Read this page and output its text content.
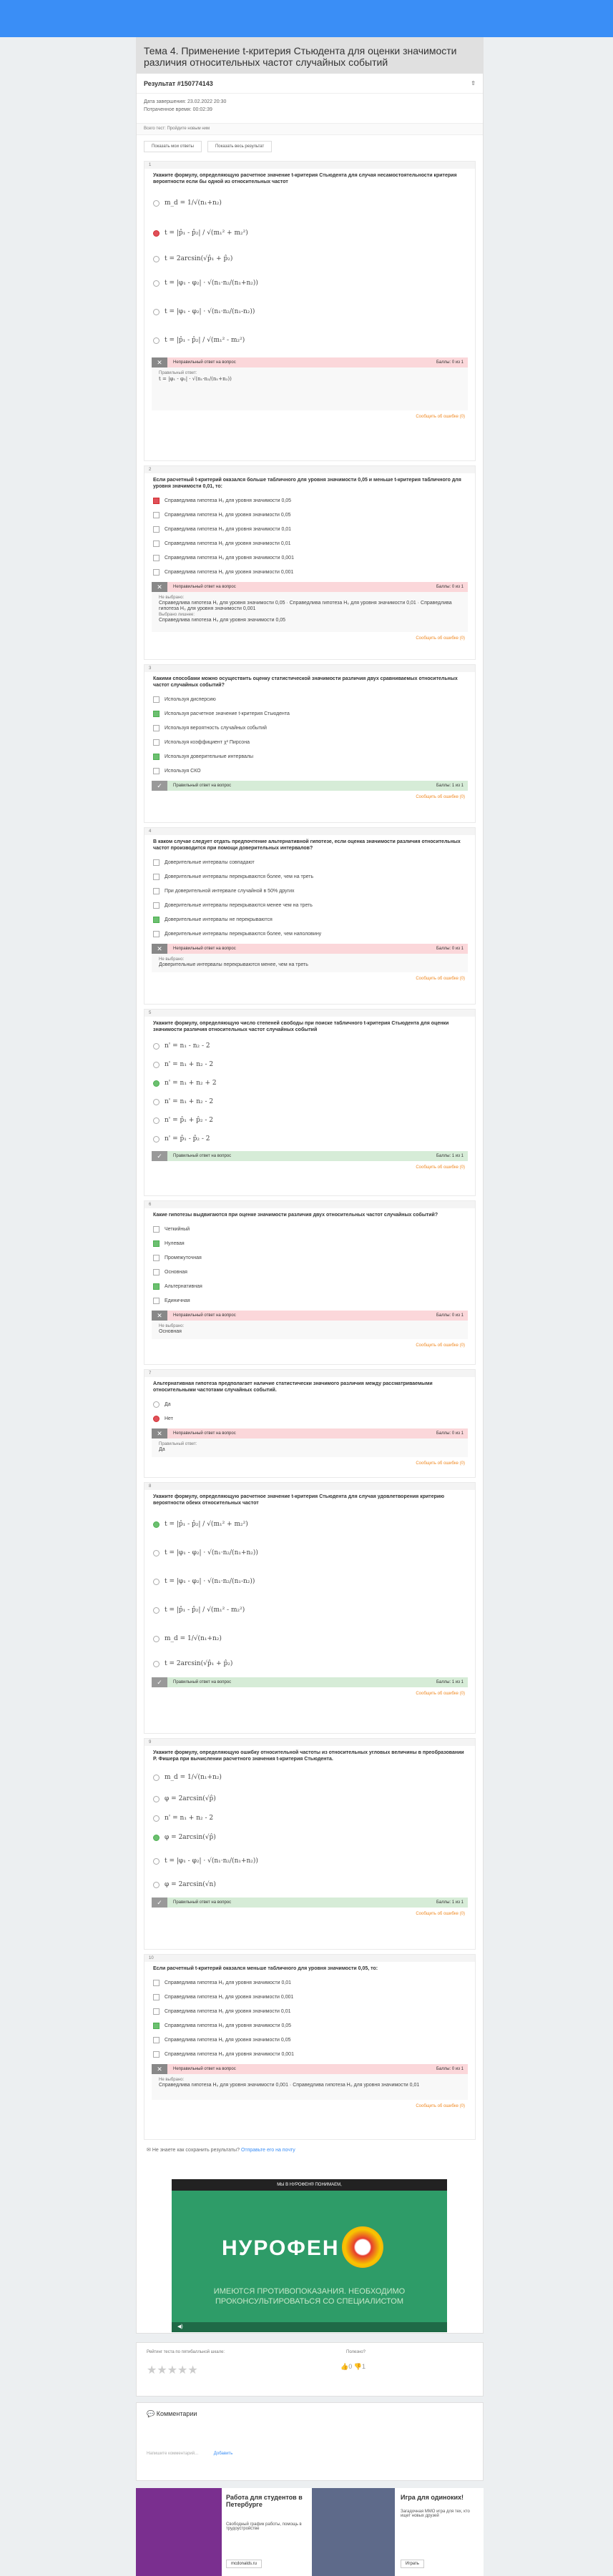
Тема 4. Применение t-критерия Стьюдента для оценки значимости различия относительных частот случайных событий
Результат #150774143	⇧
Дата завершения: 23.02.2022 20:30
Потраченное время: 00:02:39
Всего тест: Пройдите новым ним
Показать мои ответы	Показать весь результат
1
Укажите формулу, определяющую расчетное значение t-критерия Стьюдента для случая несамостоятельности критерия вероятности если бы одной из относительных частот
m_d = 1/√(n₁+n₂)
t = |p̂₁ - p̂₂| / √(m₁² + m₂²)
t = 2arcsin(√p̂₁ + p̂₂)
t = |φ₁ - φ₂| · √(n₁·n₂/(n₁+n₂))
t = |φ₁ - φ₂| · √(n₁·n₂/(n₁-n₂))
t = |p̂₁ - p̂₂| / √(m₁² - m₂²)
✕	Неправильный ответ на вопрос	Баллы: 0 из 1
Правильный ответ:
t = |φ₁ - φ₂| · √(n₁·n₂/(n₁+n₂))
Сообщить об ошибке (0)
2
Если расчетный t-критерий оказался больше табличного для уровня значимости 0,05 и меньше t-критерия табличного для уровня значимости 0,01, то:
Справедлива гипотеза H₀ для уровня значимости 0,05
Справедлива гипотеза H₁ для уровня значимости 0,05
Справедлива гипотеза H₀ для уровня значимости 0,01
Справедлива гипотеза H₁ для уровня значимости 0,01
Справедлива гипотеза H₀ для уровня значимости 0,001
Справедлива гипотеза H₁ для уровня значимости 0,001
✕	Неправильный ответ на вопрос	Баллы: 0 из 1
Не выбрано:
Справедлива гипотеза H₁ для уровня значимости 0,05 · Справедлива гипотеза H₀ для уровня значимости 0,01 · Справедлива гипотеза H₀ для уровня значимости 0,001
Выбрано лишнее:
Справедлива гипотеза H₀ для уровня значимости 0,05
Сообщить об ошибке (0)
3
Какими способами можно осуществить оценку статистической значимости различия двух сравниваемых относительных частот случайных событий?
Используя дисперсию
Используя расчетное значение t-критерия Стьюдента
Используя вероятность случайных событий
Используя коэффициент χ² Пирсона
Используя доверительные интервалы
Используя СКО
✓	Правильный ответ на вопрос	Баллы: 1 из 1
Сообщить об ошибке (0)
4
В каком случае следует отдать предпочтение альтернативной гипотезе, если оценка значимости различия относительных частот производится при помощи доверительных интервалов?
Доверительные интервалы совпадают
Доверительные интервалы перекрываются более, чем на треть
При доверительной интервале случайной в 50% других
Доверительные интервалы перекрываются менее чем на треть
Доверительные интервалы не перекрываются
Доверительные интервалы перекрываются более, чем наполовину
✕	Неправильный ответ на вопрос	Баллы: 0 из 1
Не выбрано:
Доверительные интервалы перекрываются менее, чем на треть
Сообщить об ошибке (0)
5
Укажите формулу, определяющую число степеней свободы при поиске табличного t-критерия Стьюдента для оценки значимости различия относительных частот случайных событий
n' = n₁ - n₂ - 2
n' = n₁ + n₂ - 2
n' = n₁ + n₂ + 2
n' = n₁ + n₂ - 2
n' = p̂₁ + p̂₂ - 2
n' = p̂₁ - p̂₂ - 2
✓	Правильный ответ на вопрос	Баллы: 1 из 1
Сообщить об ошибке (0)
6
Какие гипотезы выдвигаются при оценке значимости различия двух относительных частот случайных событий?
Четкийный
Нулевая
Промежуточная
Основная
Альтернативная
Единичная
✕	Неправильный ответ на вопрос	Баллы: 0 из 1
Не выбрано:
Основная
Сообщить об ошибке (0)
7
Альтернативная гипотеза предполагает наличие статистически значимого различия между рассматриваемыми относительными частотами случайных событий.
Да
Нет
✕	Неправильный ответ на вопрос	Баллы: 0 из 1
Правильный ответ:
Да
Сообщить об ошибке (0)
8
Укажите формулу, определяющую расчетное значение t-критерия Стьюдента для случая удовлетворения критерию вероятности обеих относительных частот
t = |p̂₁ - p̂₂| / √(m₁² + m₂²)
t = |φ₁ - φ₂| · √(n₁·n₂/(n₁+n₂))
t = |φ₁ - φ₂| · √(n₁·n₂/(n₁-n₂))
t = |p̂₁ - p̂₂| / √(m₁² - m₂²)
m_d = 1/√(n₁+n₂)
t = 2arcsin(√p̂₁ + p̂₂)
✓	Правильный ответ на вопрос	Баллы: 1 из 1
Сообщить об ошибке (0)
9
Укажите формулу, определяющую ошибку относительной частоты из относительных угловых величины в преобразовании Р. Фишера при вычислении расчетного значения t-критерия Стьюдента.
m_d = 1/√(n₁+n₂)
φ = 2arcsin(√p̂)
n' = n₁ + n₂ - 2
φ = 2arcsin(√p̂)
t = |φ₁ - φ₂| · √(n₁·n₂/(n₁+n₂))
φ = 2arcsin(√n)
✓	Правильный ответ на вопрос	Баллы: 1 из 1
Сообщить об ошибке (0)
10
Если расчетный t-критерий оказался меньше табличного для уровня значимости 0,05, то:
Справедлива гипотеза H₀ для уровня значимости 0,01
Справедлива гипотеза H₁ для уровня значимости 0,001
Справедлива гипотеза H₁ для уровня значимости 0,01
Справедлива гипотеза H₀ для уровня значимости 0,05
Справедлива гипотеза H₁ для уровня значимости 0,05
Справедлива гипотеза H₀ для уровня значимости 0,001
✕	Неправильный ответ на вопрос	Баллы: 0 из 1
Не выбрано:
Справедлива гипотеза H₀ для уровня значимости 0,001 · Справедлива гипотеза H₀ для уровня значимости 0,01
Сообщить об ошибке (0)
✉ Не знаете как сохранить результаты? Отправьте его на почту
МЫ В НУРОФЕН® ПОНИМАЕМ,
НУРОФЕН
ИМЕЮТСЯ ПРОТИВОПОКАЗАНИЯ. НЕОБХОДИМО ПРОКОНСУЛЬТИРОВАТЬСЯ СО СПЕЦИАЛИСТОМ
◀)
Рейтинг теста по пятибалльной шкале:	Полезно?
★★★★★	👍0 👎1
💬 Комментарии
Напишите комментарий...	Добавить
Работа для студентов в Петербурге
Свободный график работы, помощь в трудоустройстве
mcdonalds.ru
Игра для одиноких!
Загадочная MMO игра для тех, кто ищет новых друзей
Играть
